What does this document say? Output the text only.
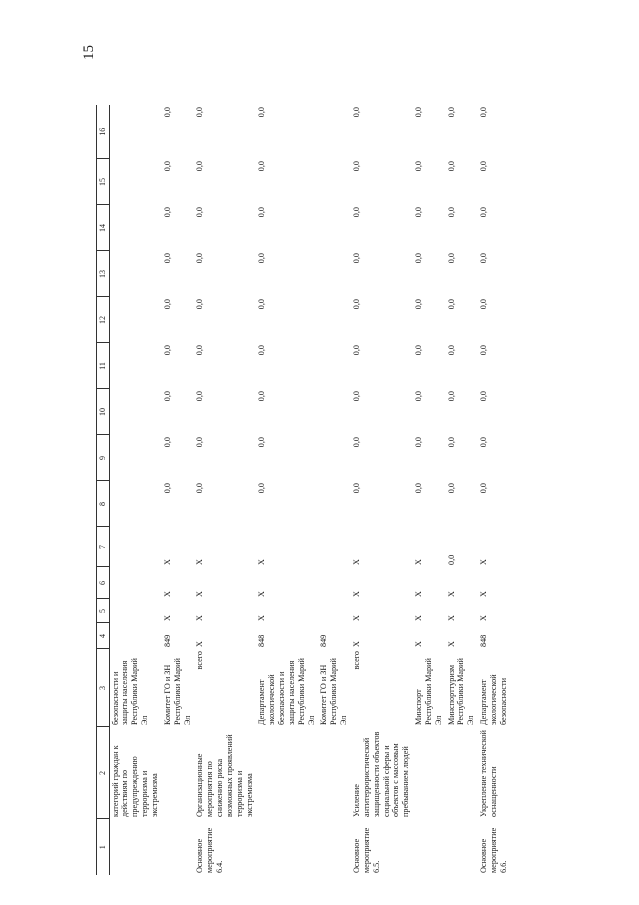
15
1	2	3	4	5	6	7	8	9	10	11	12	13	14	15	16
	категорий граждан к действиям по предупреждению терроризма и экстремизма	безопасности и защиты населения Республики Марий Эл													
		Комитет ГО и ЗН Республики Марий Эл	849	X	X	X	0,0	0,0	0,0	0,0	0,0	0,0	0,0	0,0	0,0
Основное мероприятие 6.4.	Организационные мероприятия по снижению риска возможных проявлений терроризма и экстремизма	всего	X	X	X	X	0,0	0,0	0,0	0,0	0,0	0,0	0,0	0,0	0,0
		Департамент экологической безопасности и защиты населения Республики Марий Эл	848	X	X	X	0,0	0,0	0,0	0,0	0,0	0,0	0,0	0,0	0,0
		Комитет ГО и ЗН Республики Марий Эл	849												
Основное мероприятие 6.5.	Усиление антитеррористической защищенности объектов социальной сферы и объектов с массовым пребыванием людей	всего	X	X	X	X	0,0	0,0	0,0	0,0	0,0	0,0	0,0	0,0	0,0
		Минспорт Республики Марий Эл	X	X	X	X	0,0	0,0	0,0	0,0	0,0	0,0	0,0	0,0	0,0
		Минспорттуризм Республики Марий Эл	X	X	X	0,0	0,0	0,0	0,0	0,0	0,0	0,0	0,0	0,0	0,0
Основное мероприятие 6.6.	Укрепление технической оснащенности	Департамент экологической безопасности	848	X	X	X	0,0	0,0	0,0	0,0	0,0	0,0	0,0	0,0	0,0
